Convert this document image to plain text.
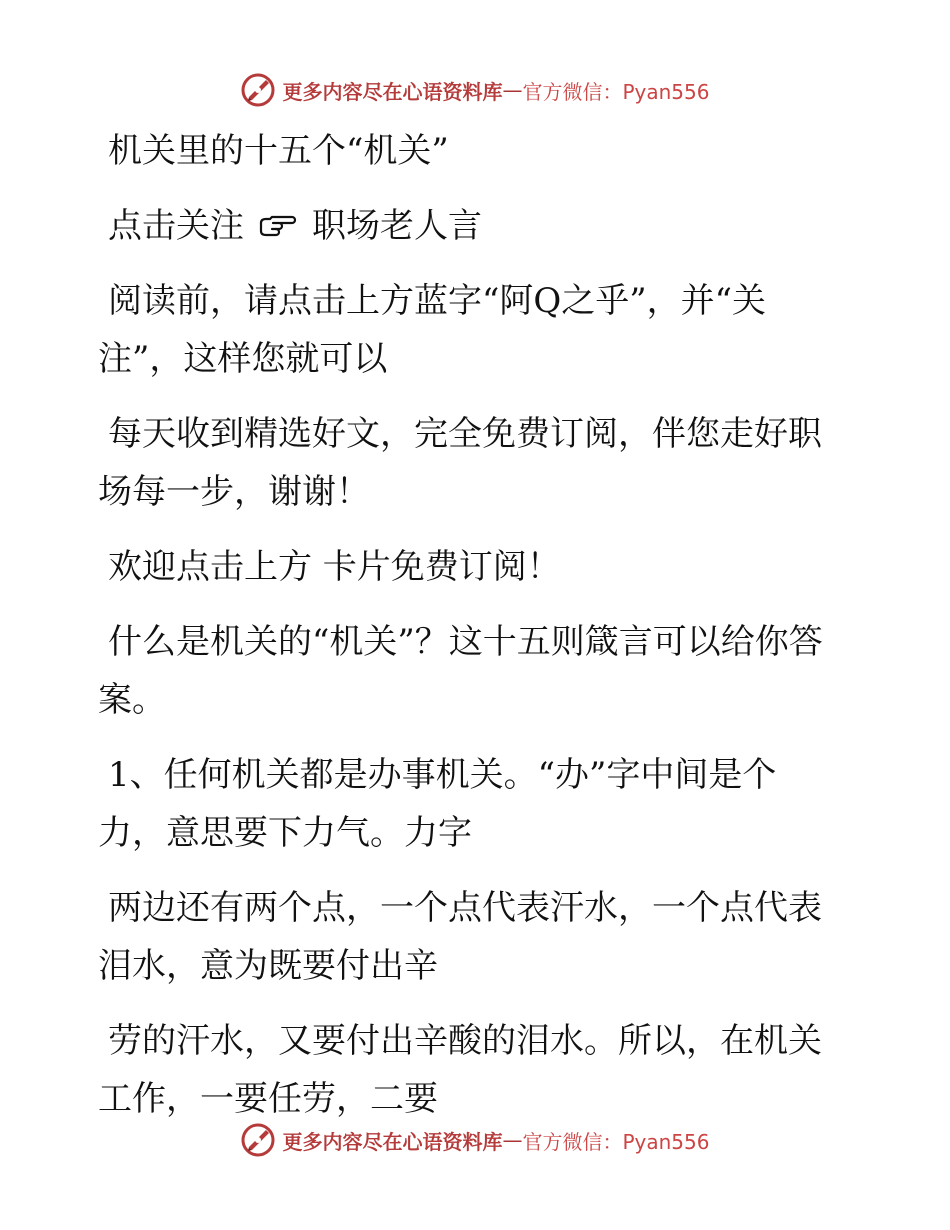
更多内容尽在心语资料库 — 官方微信：Pyan556

机关里的十五个“机关”

点击关注 职场老人言

阅读前，请点击上方蓝字“阿Q之乎”，并“关注”，这样您就可以

每天收到精选好文，完全免费订阅，伴您走好职场每一步，谢谢！

欢迎点击上方 卡片免费订阅！

什么是机关的“机关”？这十五则箴言可以给你答案。

1、任何机关都是办事机关。“办”字中间是个力，意思要下力气。力字

两边还有两个点，一个点代表汗水，一个点代表泪水，意为既要付出辛

劳的汗水，又要付出辛酸的泪水。所以，在机关工作，一要任劳，二要

更多内容尽在心语资料库 — 官方微信：Pyan556
